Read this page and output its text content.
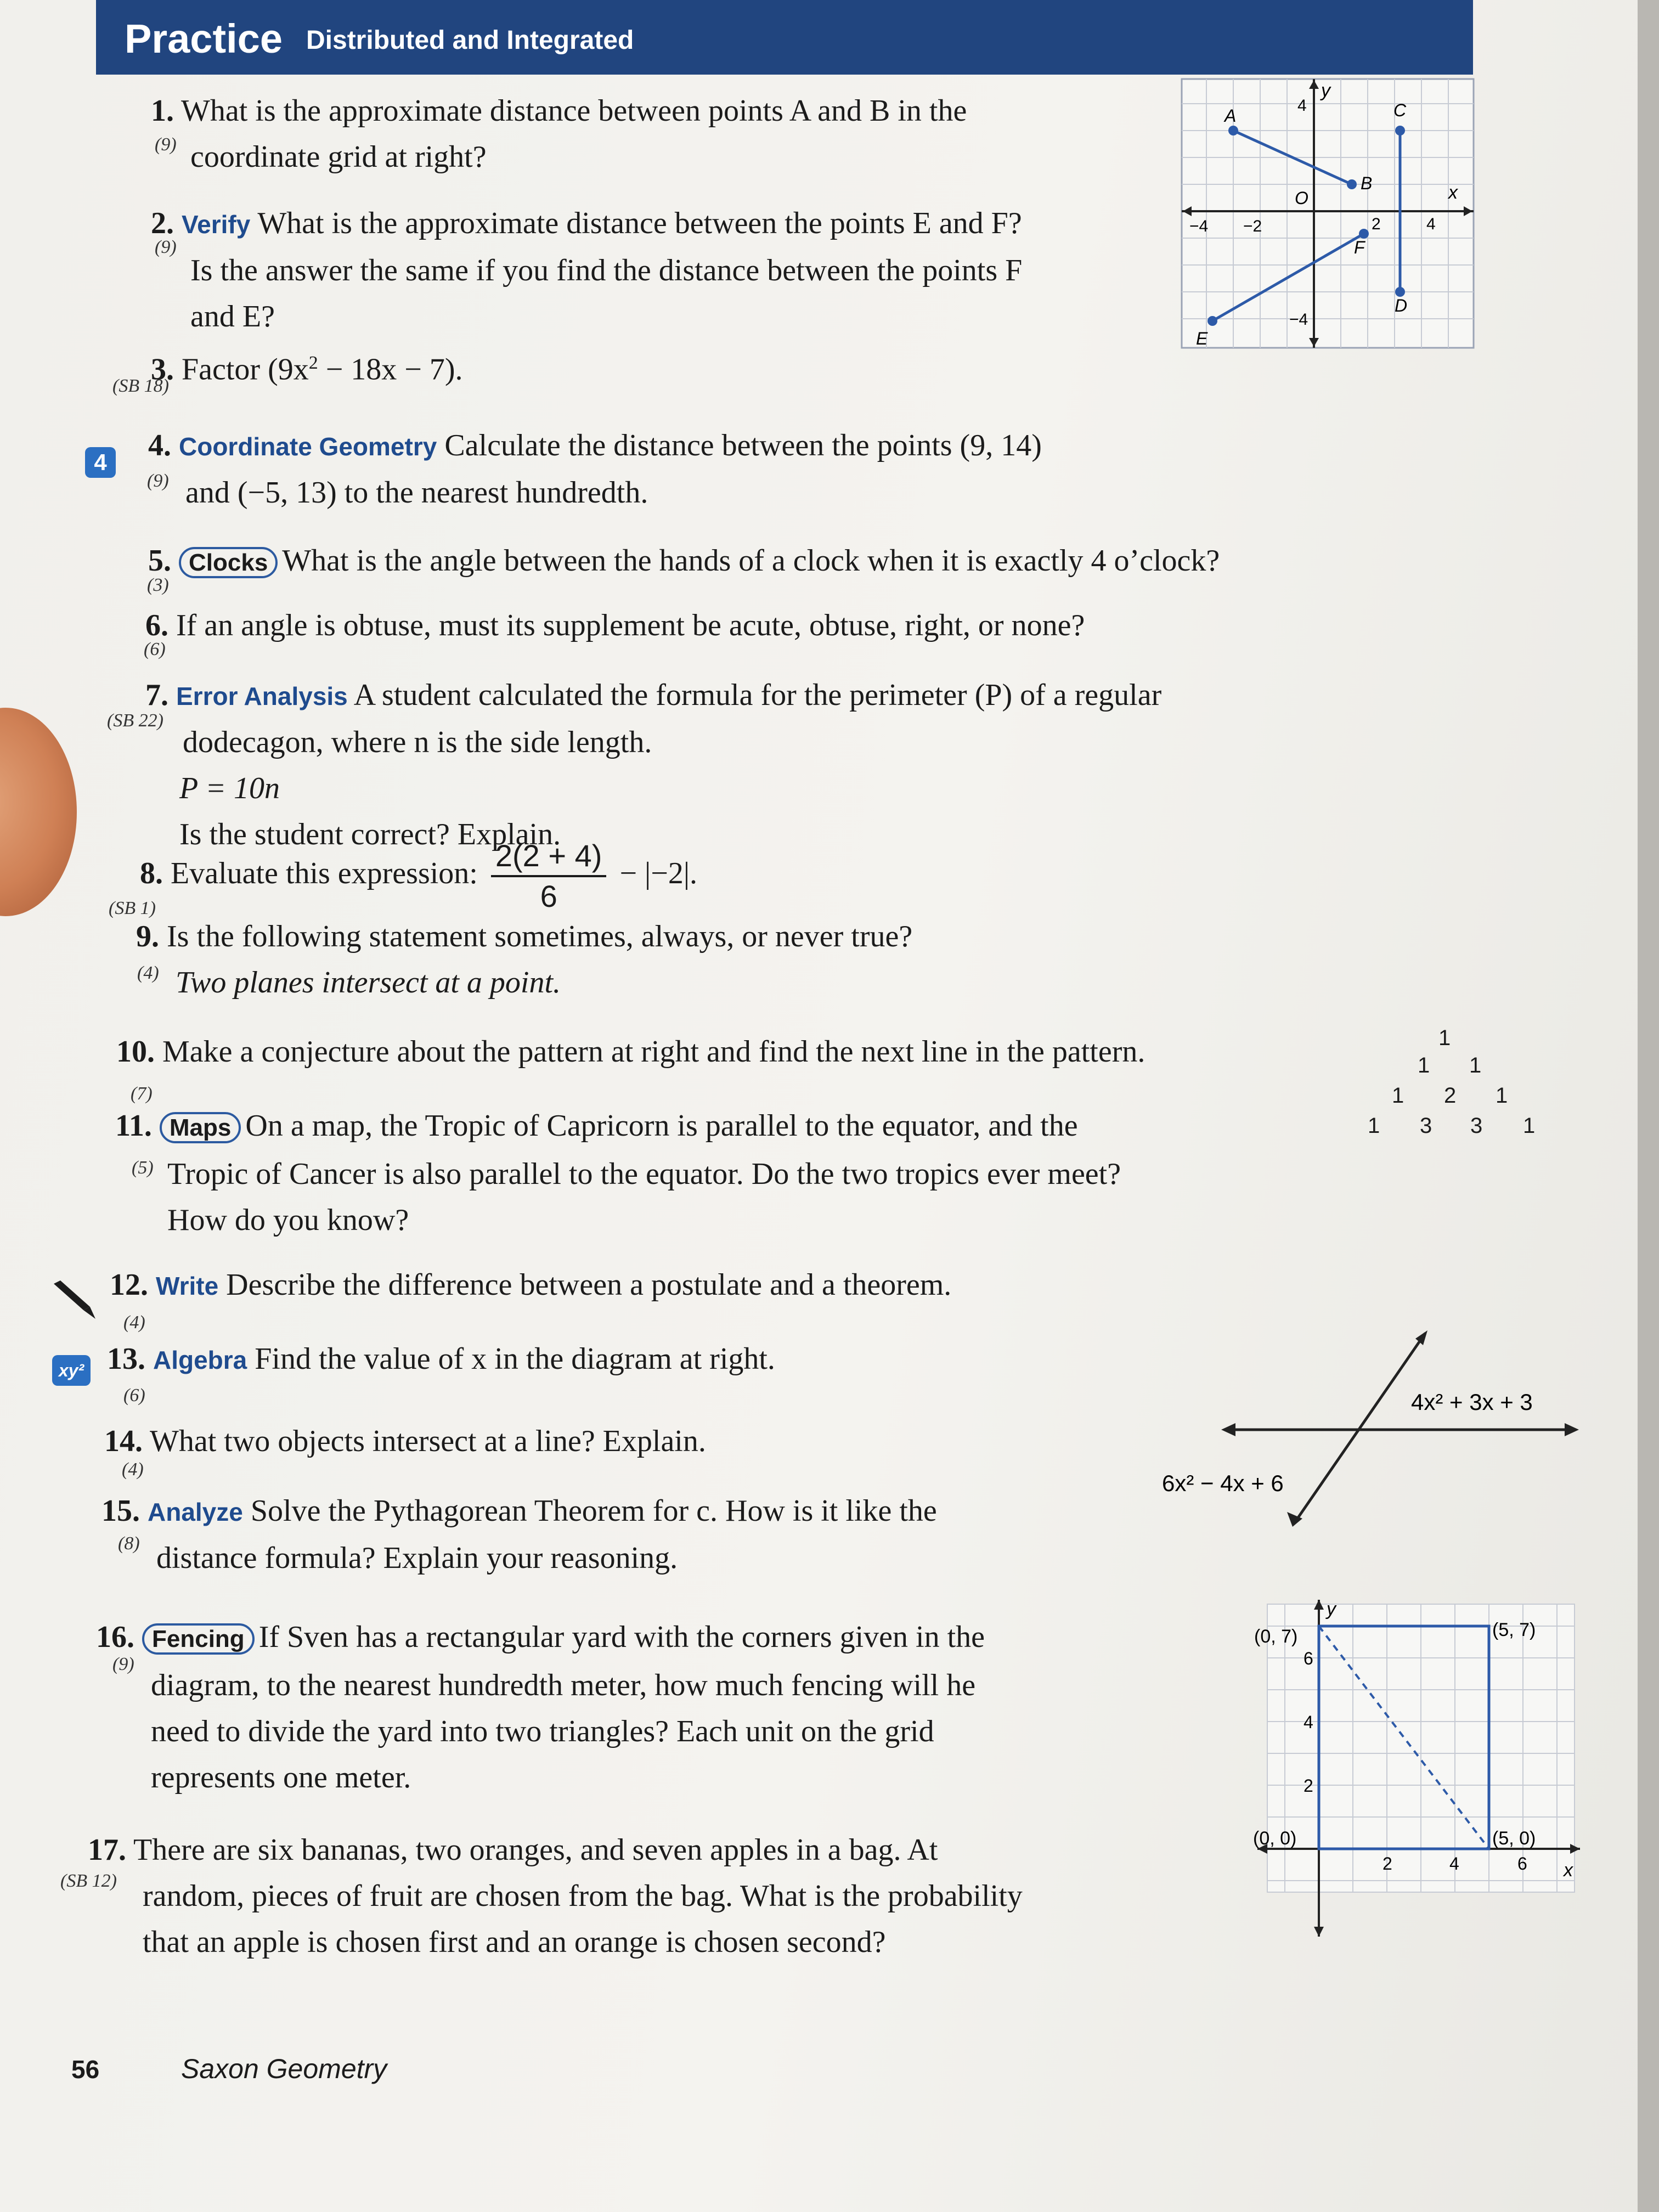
Practice Distributed and Integrated
1. What is the approximate distance between points A and B in the
coordinate grid at right?
(9)
2. Verify What is the approximate distance between the points E and F?
Is the answer the same if you find the distance between the points F
and E?
(9)
3. Factor $(9x^2 - 18x - 7)$.
(SB 18)
4 4. Coordinate Geometry Calculate the distance between the points (9, 14)
and (−5, 13) to the nearest hundredth.
(9)
5. Clocks What is the angle between the hands of a clock when it is exactly 4 o’clock?
(3)
6. If an angle is obtuse, must its supplement be acute, obtuse, right, or none?
(6)
7. Error Analysis A student calculated the formula for the perimeter (P) of a regular
dodecagon, where n is the side length.
P = 10n
Is the student correct? Explain.
(SB 22)
8. Evaluate this expression: $\frac{2(2 + 4)}{6} - |-2|$.
(SB 1)
9. Is the following statement sometimes, always, or never true?
Two planes intersect at a point.
(4)
10. Make a conjecture about the pattern at right and find the next line in the pattern.
(7)
1
1 1
1 2 1
1 3 3 1
11. Maps On a map, the Tropic of Capricorn is parallel to the equator, and the
Tropic of Cancer is also parallel to the equator. Do the two tropics ever meet?
How do you know?
(5)
12. Write Describe the difference between a postulate and a theorem.
(4)
xy² 13. Algebra Find the value of x in the diagram at right.
(6)
14. What two objects intersect at a line? Explain.
(4)
15. Analyze Solve the Pythagorean Theorem for c. How is it like the
distance formula? Explain your reasoning.
(8)
16. Fencing If Sven has a rectangular yard with the corners given in the
diagram, to the nearest hundredth meter, how much fencing will he
need to divide the yard into two triangles? Each unit on the grid
represents one meter.
(9)
17. There are six bananas, two oranges, and seven apples in a bag. At
random, pieces of fruit are chosen from the bag. What is the probability
that an apple is chosen first and an orange is chosen second?
(SB 12)
y
x
O
−4 −2	2	4
4
−4
A
B
C
D
E
F
4x² + 3x + 3
6x² − 4x + 6
y
x
(0, 7)	(5, 7)
(0, 0)	(5, 0)
2	4	6
6
4
2
56	Saxon Geometry
